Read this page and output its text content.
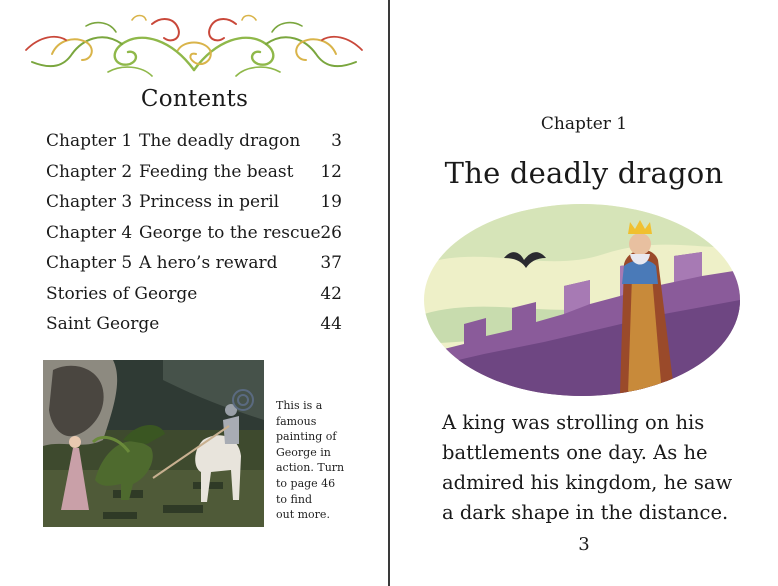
Contents
Chapter 1 The deadly dragon 3
Chapter 2 Feeding the beast 12
Chapter 3 Princess in peril 19
Chapter 4 George to the rescue 26
Chapter 5 A hero’s reward	37
Stories of George	42
Saint George	44
This is a
famous
painting of
George in
action. Turn
to page 46
to find
out more.
Chapter 1
The deadly dragon
A king was strolling on his
battlements one day. As he
admired his kingdom, he saw
a dark shape in the distance.
3
